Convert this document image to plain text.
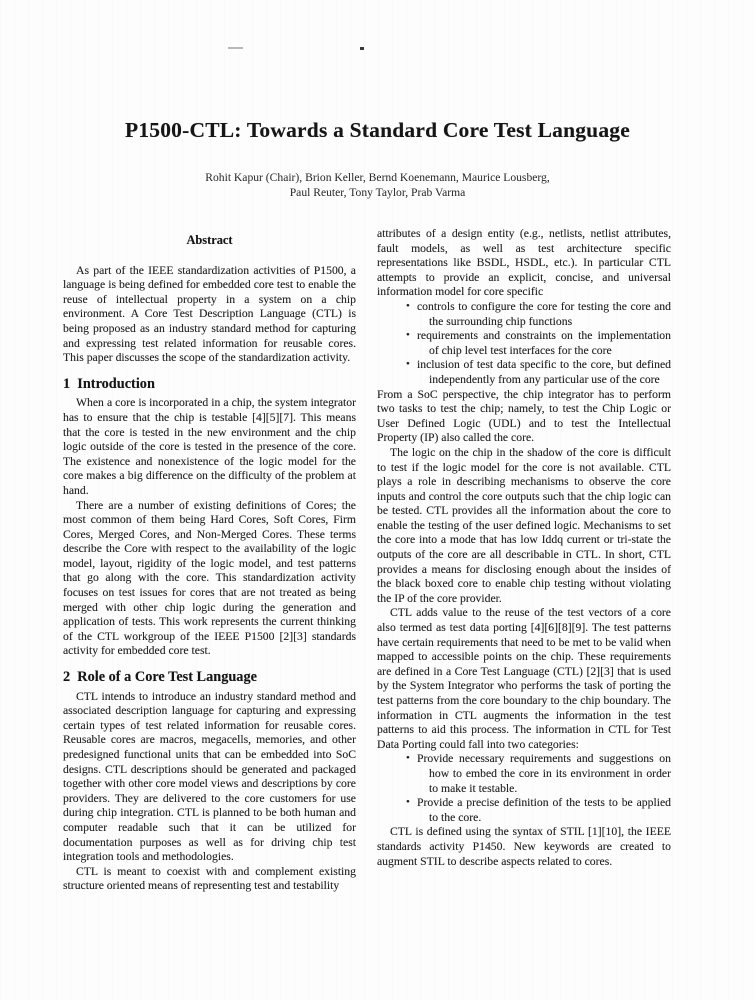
P1500-CTL: Towards a Standard Core Test Language
Rohit Kapur (Chair), Brion Keller, Bernd Koenemann, Maurice Lousberg,
Paul Reuter, Tony Taylor, Prab Varma
Abstract

As part of the IEEE standardization activities of P1500, a language is being defined for embedded core test to enable the reuse of intellectual property in a system on a chip environment. A Core Test Description Language (CTL) is being proposed as an industry standard method for capturing and expressing test related information for reusable cores. This paper discusses the scope of the standardization activity.

1  Introduction

When a core is incorporated in a chip, the system integrator has to ensure that the chip is testable [4][5][7]. This means that the core is tested in the new environment and the chip logic outside of the core is tested in the presence of the core. The existence and nonexistence of the logic model for the core makes a big difference on the difficulty of the problem at hand.

There are a number of existing definitions of Cores; the most common of them being Hard Cores, Soft Cores, Firm Cores, Merged Cores, and Non-Merged Cores. These terms describe the Core with respect to the availability of the logic model, layout, rigidity of the logic model, and test patterns that go along with the core. This standardization activity focuses on test issues for cores that are not treated as being merged with other chip logic during the generation and application of tests. This work represents the current thinking of the CTL workgroup of the IEEE P1500 [2][3] standards activity for embedded core test.

2  Role of a Core Test Language

CTL intends to introduce an industry standard method and associated description language for capturing and expressing certain types of test related information for reusable cores. Reusable cores are macros, megacells, memories, and other predesigned functional units that can be embedded into SoC designs. CTL descriptions should be generated and packaged together with other core model views and descriptions by core providers. They are delivered to the core customers for use during chip integration. CTL is planned to be both human and computer readable such that it can be utilized for documentation purposes as well as for driving chip test integration tools and methodologies.

CTL is meant to coexist with and complement existing structure oriented means of representing test and testability

attributes of a design entity (e.g., netlists, netlist attributes, fault models, as well as test architecture specific representations like BSDL, HSDL, etc.). In particular CTL attempts to provide an explicit, concise, and universal information model for core specific

• controls to configure the core for testing the core and the surrounding chip functions
• requirements and constraints on the implementation of chip level test interfaces for the core
• inclusion of test data specific to the core, but defined independently from any particular use of the core

From a SoC perspective, the chip integrator has to perform two tasks to test the chip; namely, to test the Chip Logic or User Defined Logic (UDL) and to test the Intellectual Property (IP) also called the core.

The logic on the chip in the shadow of the core is difficult to test if the logic model for the core is not available. CTL plays a role in describing mechanisms to observe the core inputs and control the core outputs such that the chip logic can be tested. CTL provides all the information about the core to enable the testing of the user defined logic. Mechanisms to set the core into a mode that has low Iddq current or tri-state the outputs of the core are all describable in CTL. In short, CTL provides a means for disclosing enough about the insides of the black boxed core to enable chip testing without violating the IP of the core provider.

CTL adds value to the reuse of the test vectors of a core also termed as test data porting [4][6][8][9]. The test patterns have certain requirements that need to be met to be valid when mapped to accessible points on the chip. These requirements are defined in a Core Test Language (CTL) [2][3] that is used by the System Integrator who performs the task of porting the test patterns from the core boundary to the chip boundary. The information in CTL augments the information in the test patterns to aid this process. The information in CTL for Test Data Porting could fall into two categories:

• Provide necessary requirements and suggestions on how to embed the core in its environment in order to make it testable.
• Provide a precise definition of the tests to be applied to the core.

CTL is defined using the syntax of STIL [1][10], the IEEE standards activity P1450. New keywords are created to augment STIL to describe aspects related to cores.
